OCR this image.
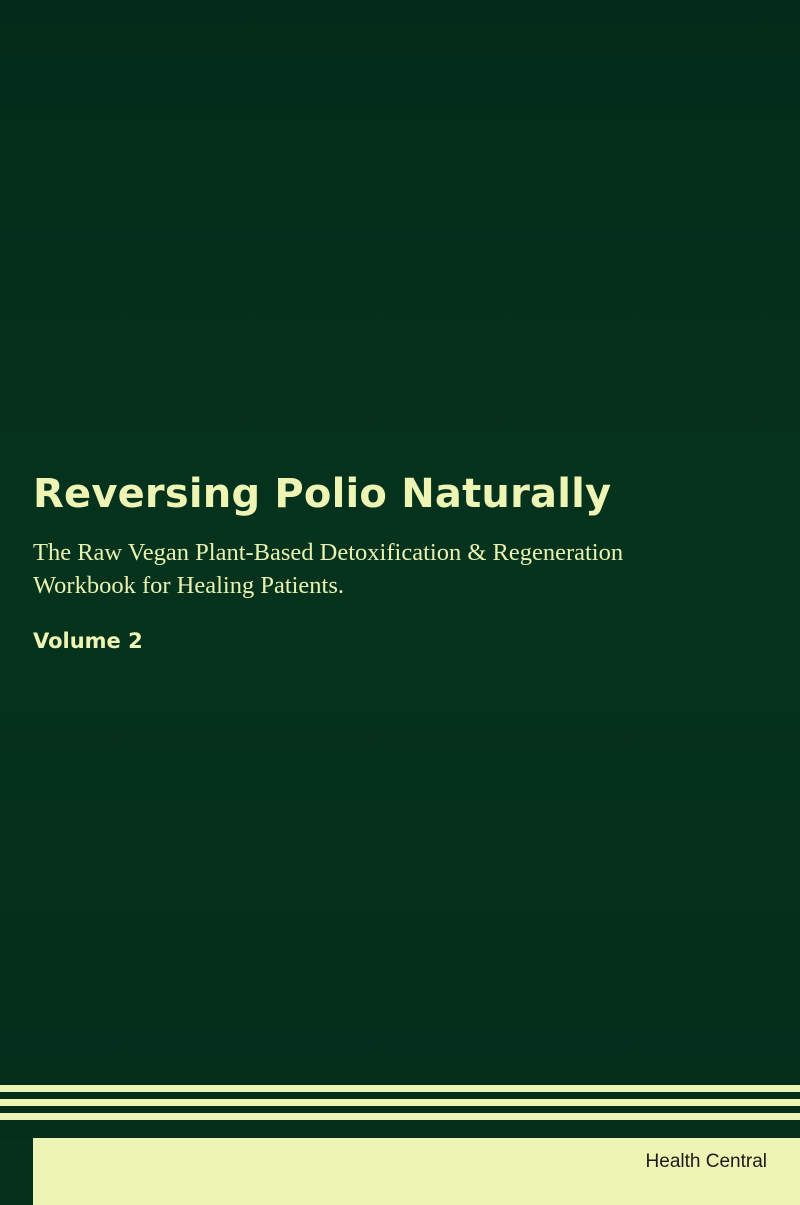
Reversing Polio Naturally

The Raw Vegan Plant-Based Detoxification & Regeneration Workbook for Healing Patients.

Volume 2

Health Central
